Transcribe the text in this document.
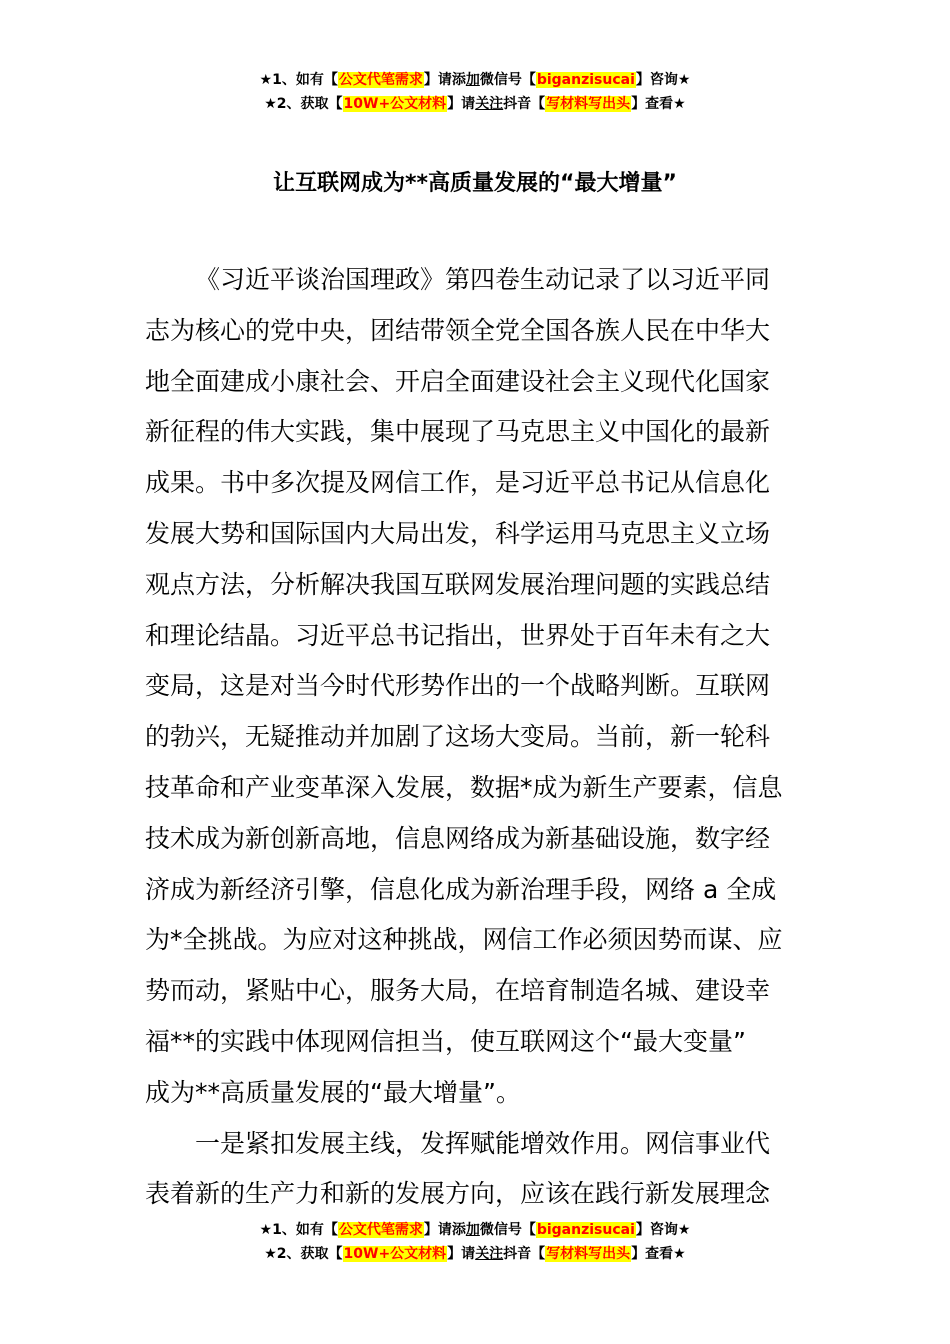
★1、如有【公文代笔需求】请添加微信号【biganzisucai】咨询★
★2、获取【10W+公文材料】请关注抖音【写材料写出头】查看★
让互联网成为**高质量发展的“最大增量”
《习近平谈治国理政》第四卷生动记录了以习近平同
志为核心的党中央，团结带领全党全国各族人民在中华大
地全面建成小康社会、开启全面建设社会主义现代化国家
新征程的伟大实践，集中展现了马克思主义中国化的最新
成果。书中多次提及网信工作，是习近平总书记从信息化
发展大势和国际国内大局出发，科学运用马克思主义立场
观点方法，分析解决我国互联网发展治理问题的实践总结
和理论结晶。习近平总书记指出，世界处于百年未有之大
变局，这是对当今时代形势作出的一个战略判断。互联网
的勃兴，无疑推动并加剧了这场大变局。当前，新一轮科
技革命和产业变革深入发展，数据*成为新生产要素，信息
技术成为新创新高地，信息网络成为新基础设施，数字经
济成为新经济引擎，信息化成为新治理手段，网络 a 全成
为*全挑战。为应对这种挑战，网信工作必须因势而谋、应
势而动，紧贴中心，服务大局，在培育制造名城、建设幸
福**的实践中体现网信担当，使互联网这个“最大变量”
成为**高质量发展的“最大增量”。
一是紧扣发展主线，发挥赋能增效作用。网信事业代
表着新的生产力和新的发展方向，应该在践行新发展理念
★1、如有【公文代笔需求】请添加微信号【biganzisucai】咨询★
★2、获取【10W+公文材料】请关注抖音【写材料写出头】查看★
